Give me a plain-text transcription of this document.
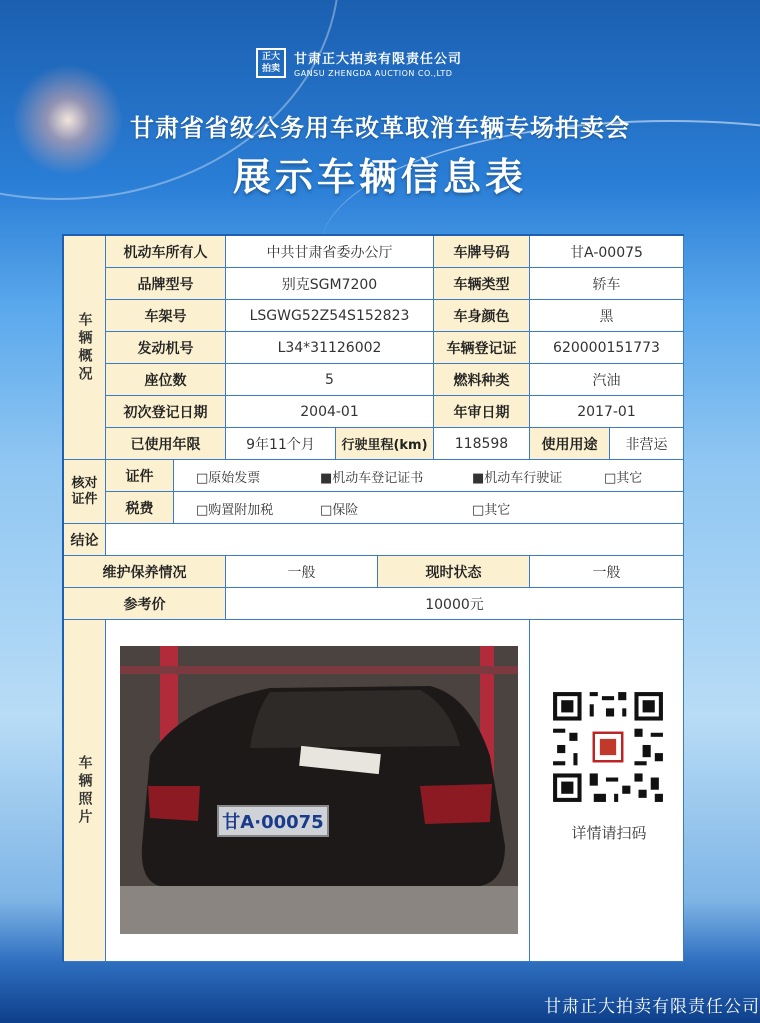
正大
拍卖
甘肃正大拍卖有限责任公司
GANSU ZHENGDA AUCTION CO.,LTD
甘肃省省级公务用车改革取消车辆专场拍卖会
展示车辆信息表
车辆概况
核对证件
结论
车辆照片
机动车所有人	中共甘肃省委办公厅	车牌号码	甘A-00075
品牌型号	别克SGM7200	车辆类型	轿车
车架号	LSGWG52Z54S152823	车身颜色	黑
发动机号	L34*31126002	车辆登记证	620000151773
座位数	5	燃料种类	汽油
初次登记日期	2004-01	年审日期	2017-01
已使用年限	9年11个月	行驶里程(km)	118598	使用用途	非营运
证件	□原始发票	■机动车登记证书	■机动车行驶证	□其它
税费	□购置附加税	□保险	□其它
维护保养情况	一般	现时状态	一般
参考价	10000元
甘A·00075	详情请扫码
甘肃正大拍卖有限责任公司
